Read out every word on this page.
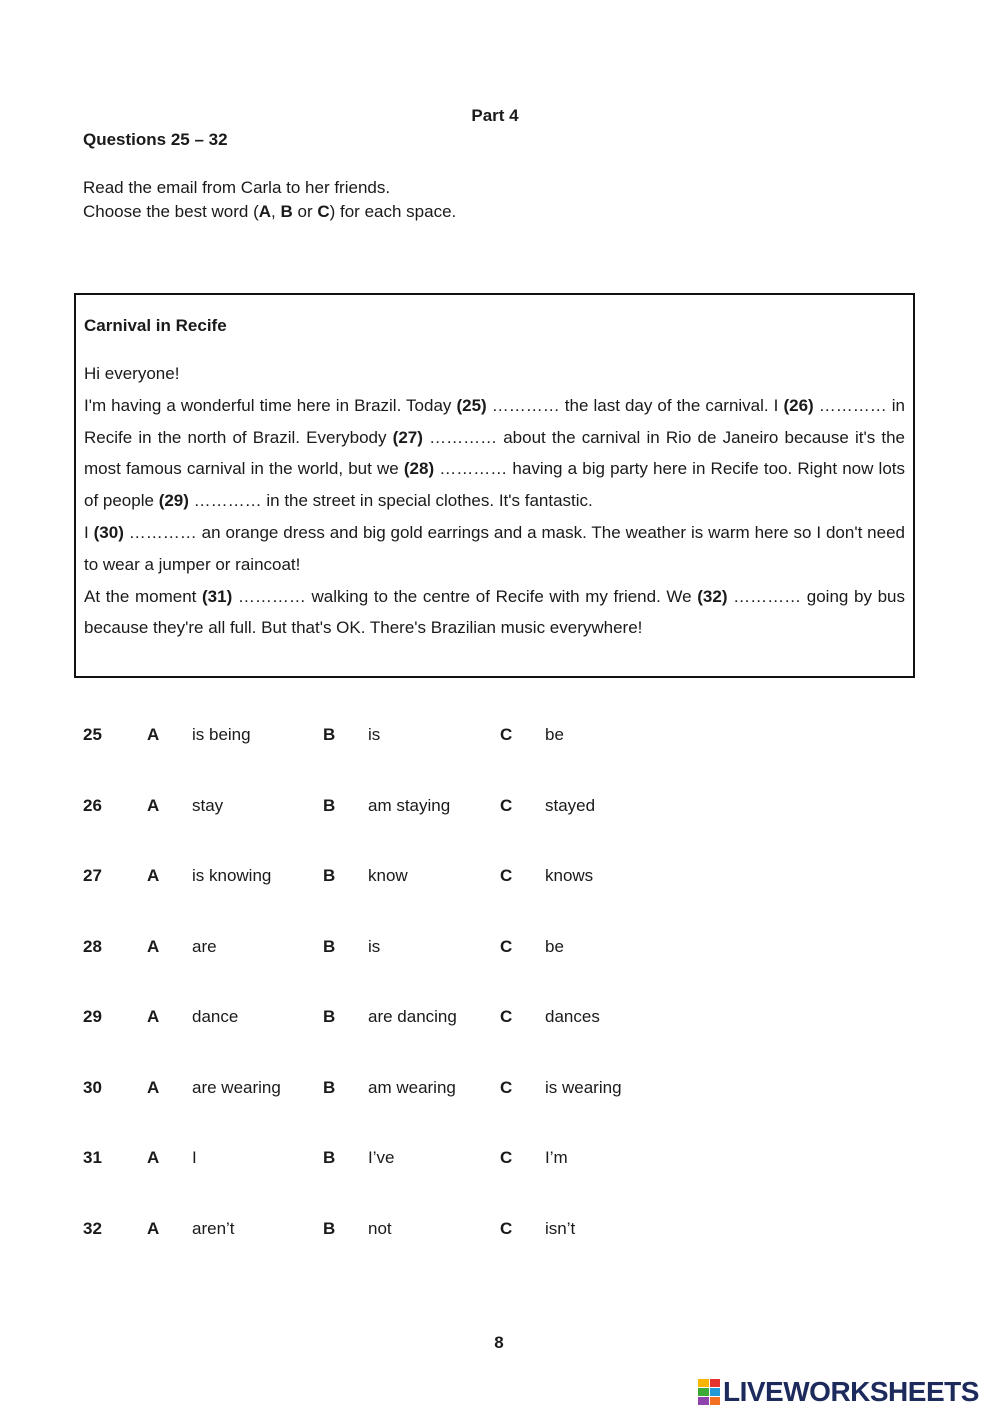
Part 4
Questions 25 – 32
Read the email from Carla to her friends.
Choose the best word (A, B or C) for each space.
Carnival in Recife

Hi everyone!

I'm having a wonderful time here in Brazil. Today (25) ………… the last day of the carnival. I (26) ………… in Recife in the north of Brazil. Everybody (27) ………… about the carnival in Rio de Janeiro because it's the most famous carnival in the world, but we (28) ………… having a big party here in Recife too. Right now lots of people (29) ………… in the street in special clothes. It's fantastic.

I (30) ………… an orange dress and big gold earrings and a mask. The weather is warm here so I don't need to wear a jumper or raincoat!

At the moment (31) ………… walking to the centre of Recife with my friend. We (32) ………… going by bus because they're all full. But that's OK. There's Brazilian music everywhere!

25	A is being	B is	C be
26	A stay	B am staying	C stayed
27	A is knowing	B know	C knows
28	A are	B is	C be
29	A dance	B are dancing	C dances
30	A are wearing B am wearing	C is wearing
31	A I	B I’ve	C I’m
32	A aren’t	B not	C isn’t
8
LIVEWORKSHEETS
